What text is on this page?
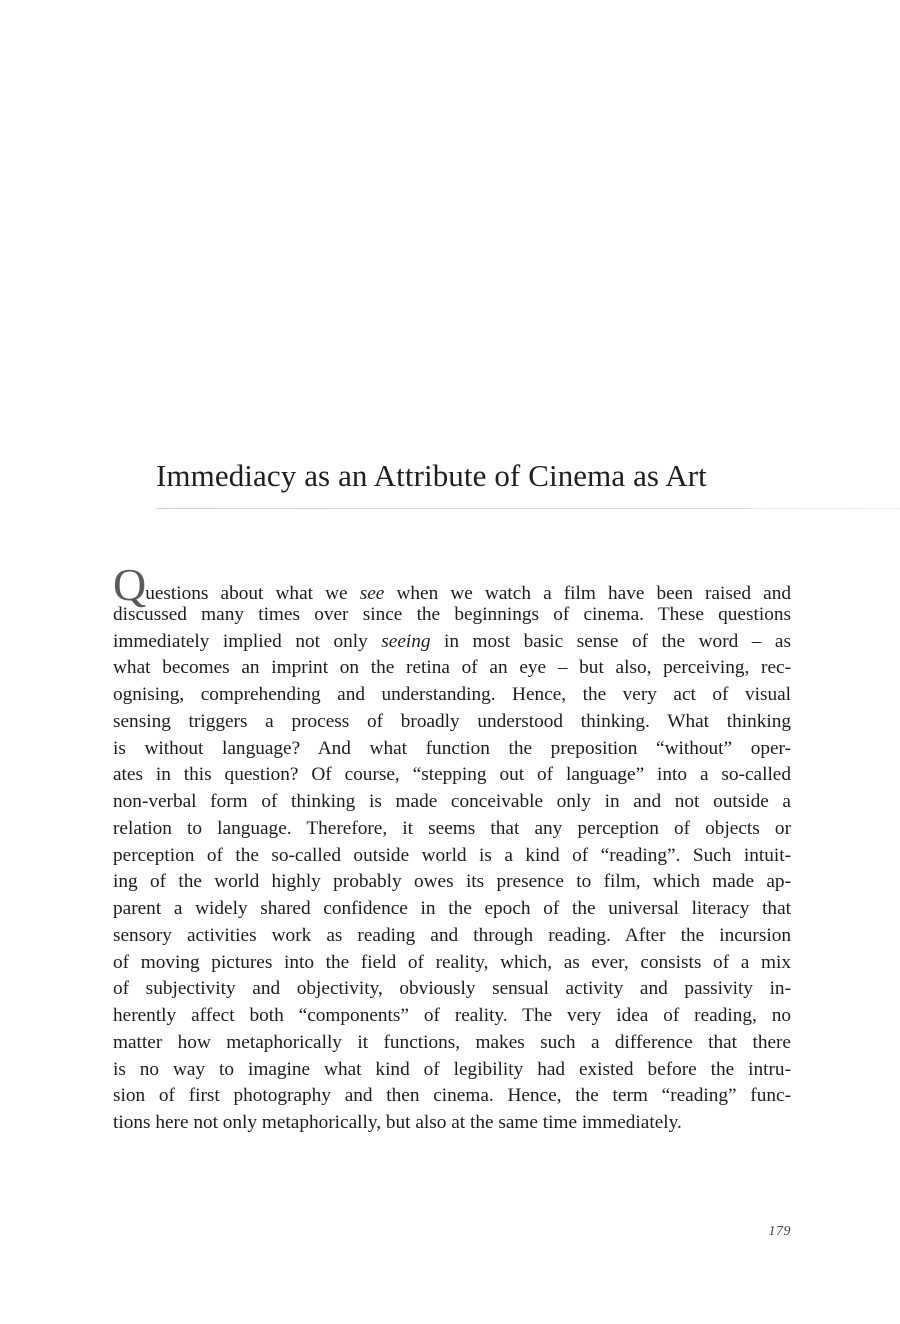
Immediacy as an Attribute of Cinema as Art
Questions about what we see when we watch a film have been raised and
discussed many times over since the beginnings of cinema. These questions
immediately implied not only seeing in most basic sense of the word – as
what becomes an imprint on the retina of an eye – but also, perceiving, rec-
ognising, comprehending and understanding. Hence, the very act of visual
sensing triggers a process of broadly understood thinking. What thinking
is without language? And what function the preposition “without” oper-
ates in this question? Of course, “stepping out of language” into a so-called
non-verbal form of thinking is made conceivable only in and not outside a
relation to language. Therefore, it seems that any perception of objects or
perception of the so-called outside world is a kind of “reading”. Such intuit-
ing of the world highly probably owes its presence to film, which made ap-
parent a widely shared confidence in the epoch of the universal literacy that
sensory activities work as reading and through reading. After the incursion
of moving pictures into the field of reality, which, as ever, consists of a mix
of subjectivity and objectivity, obviously sensual activity and passivity in-
herently affect both “components” of reality. The very idea of reading, no
matter how metaphorically it functions, makes such a difference that there
is no way to imagine what kind of legibility had existed before the intru-
sion of first photography and then cinema. Hence, the term “reading” func-
tions here not only metaphorically, but also at the same time immediately.
179
